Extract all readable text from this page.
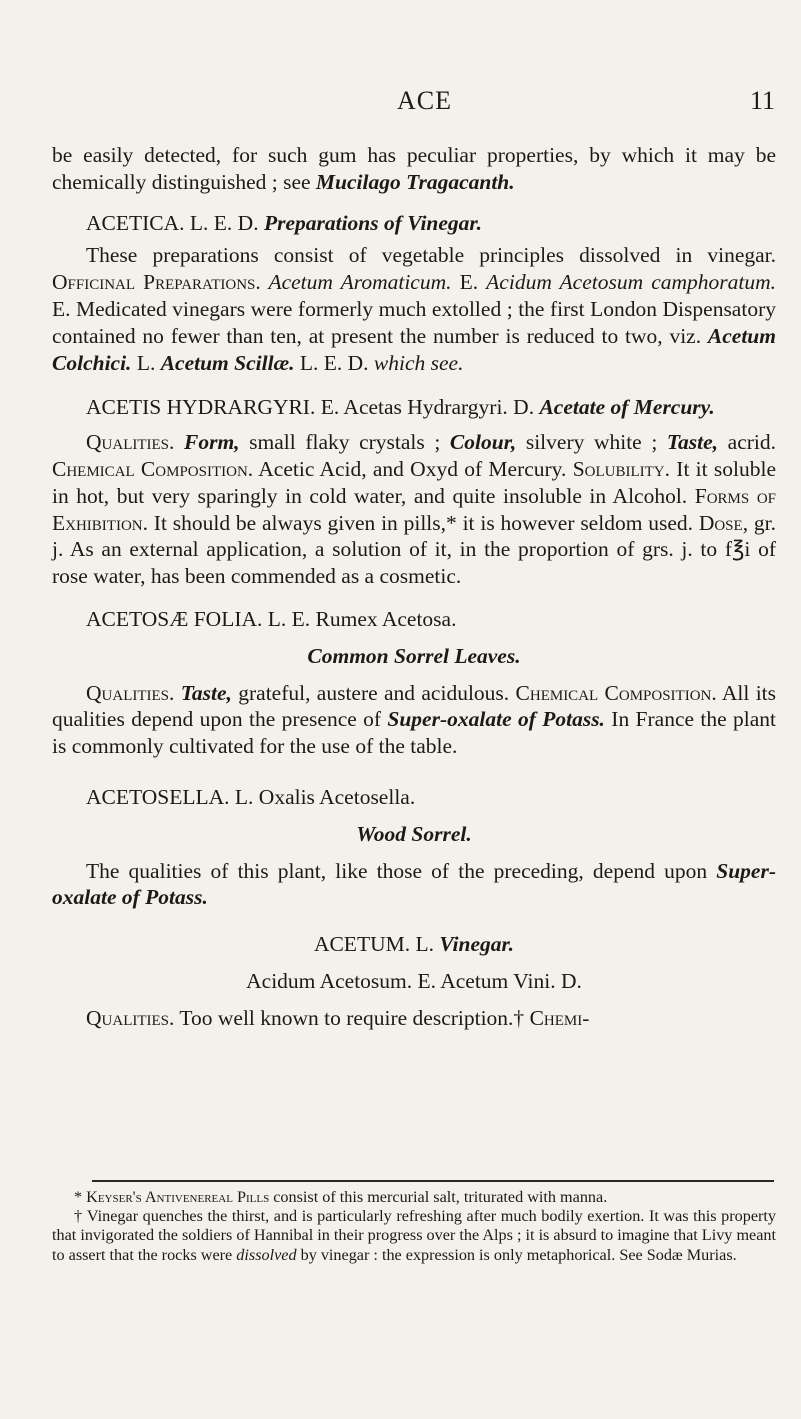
ACE	11

be easily detected, for such gum has peculiar properties, by which it may be chemically distinguished ; see Mucilago Tragacanth.

ACETICA. L. E. D. Preparations of Vinegar.

These preparations consist of vegetable principles dissolved in vinegar. Officinal Preparations. Acetum Aromaticum. E. Acidum Acetosum camphoratum. E. Medicated vinegars were formerly much extolled ; the first London Dispensatory contained no fewer than ten, at present the number is reduced to two, viz. Acetum Colchici. L. Acetum Scillæ. L. E. D. which see.

ACETIS HYDRARGYRI. E. Acetas Hydrargyri. D. Acetate of Mercury.

Qualities. Form, small flaky crystals ; Colour, silvery white ; Taste, acrid. Chemical Composition. Acetic Acid, and Oxyd of Mercury. Solubility. It it soluble in hot, but very sparingly in cold water, and quite insoluble in Alcohol. Forms of Exhibition. It should be always given in pills,* it is however seldom used. Dose, gr. j. As an external application, a solution of it, in the proportion of grs. j. to f℥i of rose water, has been commended as a cosmetic.

ACETOSÆ FOLIA. L. E. Rumex Acetosa.

Common Sorrel Leaves.

Qualities. Taste, grateful, austere and acidulous. Chemical Composition. All its qualities depend upon the presence of Super-oxalate of Potass. In France the plant is commonly cultivated for the use of the table.

ACETOSELLA. L. Oxalis Acetosella.

Wood Sorrel.

The qualities of this plant, like those of the preceding, depend upon Super-oxalate of Potass.

ACETUM. L. Vinegar.

Acidum Acetosum. E. Acetum Vini. D.

Qualities. Too well known to require description.† Chemi-

* Keyser's Antivenereal Pills consist of this mercurial salt, triturated with manna.

† Vinegar quenches the thirst, and is particularly refreshing after much bodily exertion. It was this property that invigorated the soldiers of Hannibal in their progress over the Alps ; it is absurd to imagine that Livy meant to assert that the rocks were dissolved by vinegar : the expression is only metaphorical. See Sodæ Murias.
